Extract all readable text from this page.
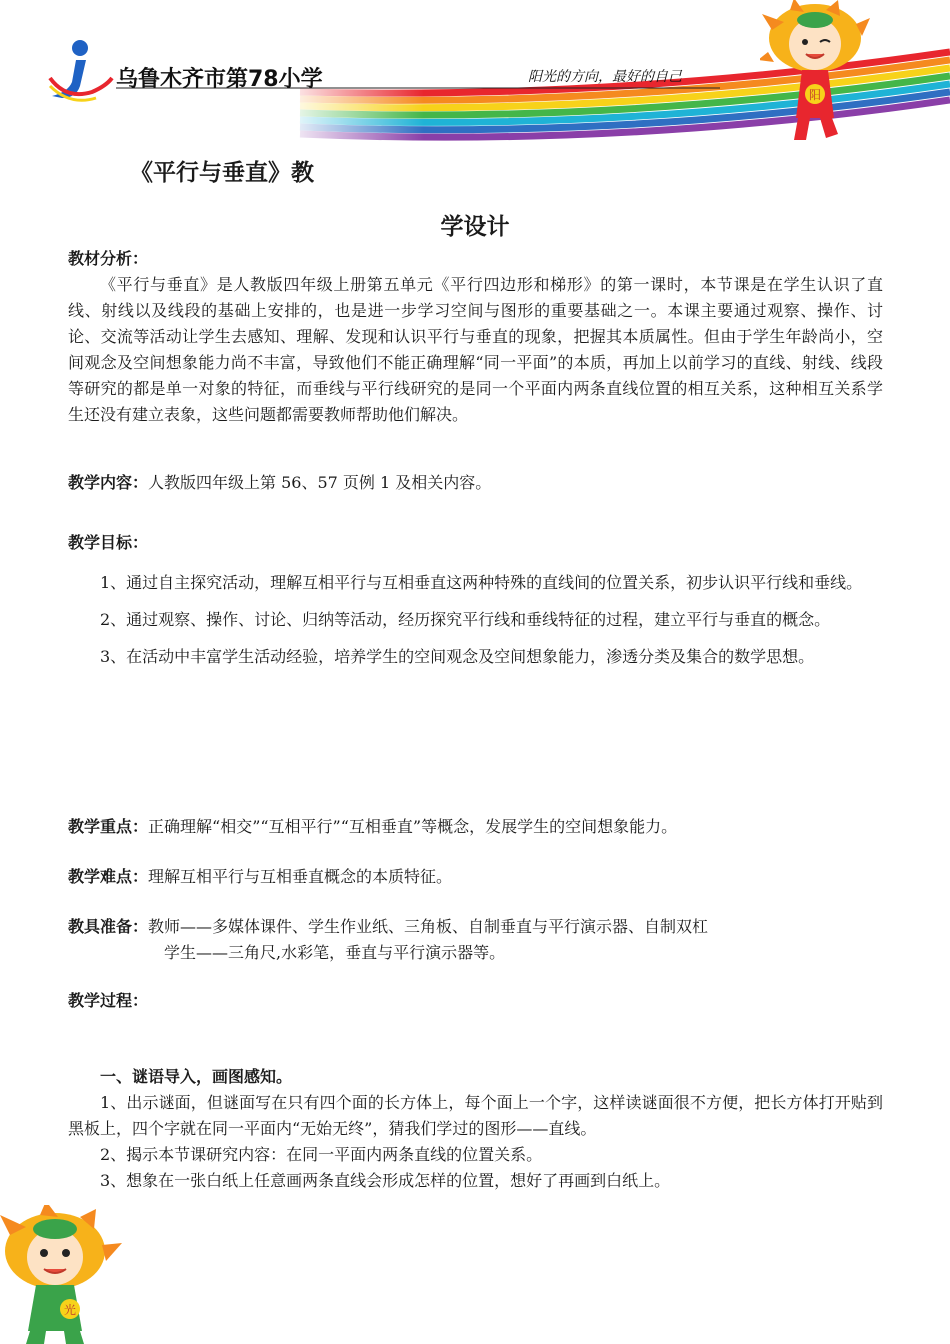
乌鲁木齐市第78小学	阳光的方向，最好的自己
阳
《平行与垂直》教
学设计
教材分析：

《平行与垂直》是人教版四年级上册第五单元《平行四边形和梯形》的第一课时，本节课是在学生认识了直线、射线以及线段的基础上安排的，也是进一步学习空间与图形的重要基础之一。本课主要通过观察、操作、讨论、交流等活动让学生去感知、理解、发现和认识平行与垂直的现象，把握其本质属性。但由于学生年龄尚小，空间观念及空间想象能力尚不丰富，导致他们不能正确理解“同一平面”的本质，再加上以前学习的直线、射线、线段等研究的都是单一对象的特征，而垂线与平行线研究的是同一个平面内两条直线位置的相互关系，这种相互关系学生还没有建立表象，这些问题都需要教师帮助他们解决。

教学内容：人教版四年级上第 56、57 页例 1 及相关内容。
教学目标：

1、通过自主探究活动，理解互相平行与互相垂直这两种特殊的直线间的位置关系，初步认识平行线和垂线。

2、通过观察、操作、讨论、归纳等活动，经历探究平行线和垂线特征的过程，建立平行与垂直的概念。

3、在活动中丰富学生活动经验，培养学生的空间观念及空间想象能力，渗透分类及集合的数学思想。

教学重点：正确理解“相交”“互相平行”“互相垂直”等概念，发展学生的空间想象能力。
教学难点：理解互相平行与互相垂直概念的本质特征。
教具准备：教师——多媒体课件、学生作业纸、三角板、自制垂直与平行演示器、自制双杠
学生——三角尺,水彩笔，垂直与平行演示器等。
教学过程：
一、谜语导入，画图感知。

1、出示谜面，但谜面写在只有四个面的长方体上，每个面上一个字，这样读谜面很不方便，把长方体打开贴到黑板上，四个字就在同一平面内“无始无终”，猜我们学过的图形——直线。

2、揭示本节课研究内容：在同一平面内两条直线的位置关系。

3、想象在一张白纸上任意画两条直线会形成怎样的位置，想好了再画到白纸上。

光
